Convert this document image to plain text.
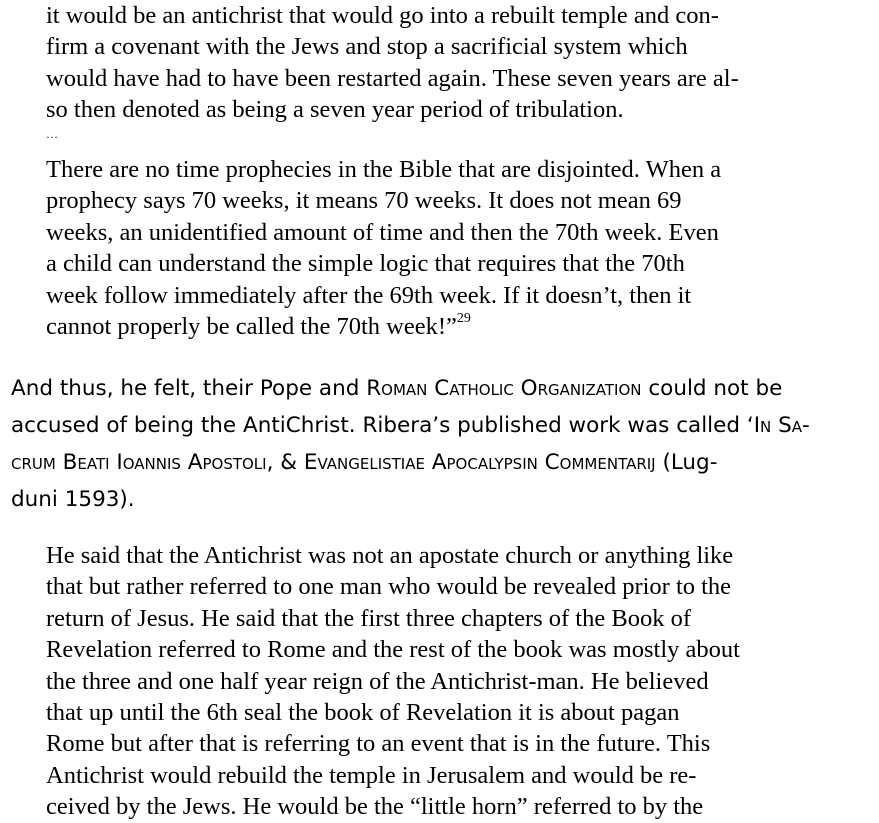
it would be an antichrist that would go into a rebuilt temple and con-
firm a covenant with the Jews and stop a sacrificial system which
would have had to have been restarted again. These seven years are al-
so then denoted as being a seven year period of tribulation.
…
There are no time prophecies in the Bible that are disjointed. When a
prophecy says 70 weeks, it means 70 weeks. It does not mean 69
weeks, an unidentified amount of time and then the 70th week. Even
a child can understand the simple logic that requires that the 70th
week follow immediately after the 69th week. If it doesn’t, then it
cannot properly be called the 70th week!”$^{29}$
And thus, he felt, their Pope and Roman Catholic Organization could not be
accused of being the AntiChrist. Ribera’s published work was called ‘In Sa-
crum Beati Ioannis Apostoli, & Evangelistiae Apocalypsin Commentarij (Lug-
duni 1593).
He said that the Antichrist was not an apostate church or anything like
that but rather referred to one man who would be revealed prior to the
return of Jesus. He said that the first three chapters of the Book of
Revelation referred to Rome and the rest of the book was mostly about
the three and one half year reign of the Antichrist-man. He believed
that up until the 6th seal the book of Revelation it is about pagan
Rome but after that is referring to an event that is in the future. This
Antichrist would rebuild the temple in Jerusalem and would be re-
ceived by the Jews. He would be the “little horn” referred to by the
